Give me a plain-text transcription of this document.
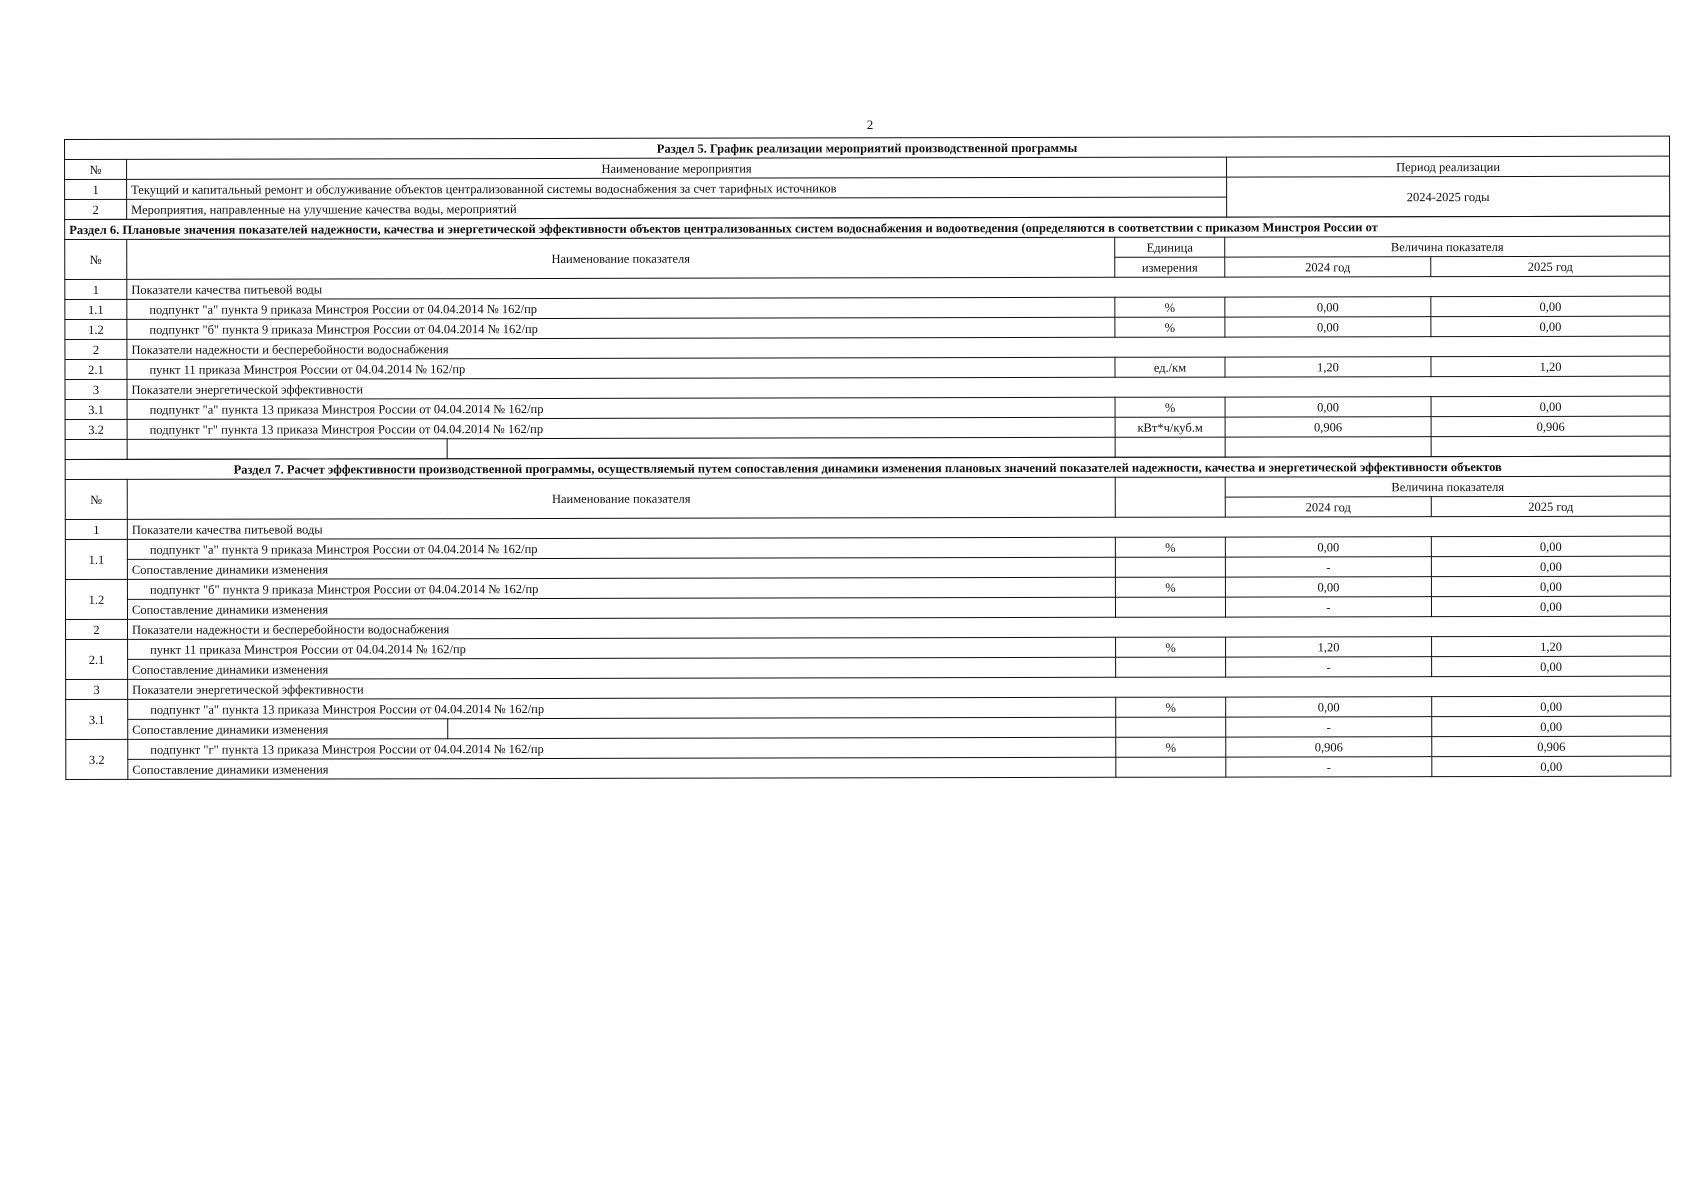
2
Раздел 5. График реализации мероприятий производственной программы		
№	Наименование мероприятия	Период реализации
1	Текущий и капитальный ремонт и обслуживание объектов централизованной системы водоснабжения за счет тарифных источников	2024-2025 годы
2	Мероприятия, направленные на улучшение качества воды, мероприятий	
Раздел 6. Плановые значения показателей надежности, качества и энергетической эффективности объектов централизованных систем водоснабжения и водоотведения (определяются в соответствии с приказом Минстроя России от					
№	Наименование показателя		Единица	Величина показателя	
			измерения	2024 год	2025 год
1	Показатели качества питьевой воды				
1.1	подпункт "а" пункта 9 приказа Минстроя России от 04.04.2014 № 162/пр		%	0,00	0,00
1.2	подпункт "б" пункта 9 приказа Минстроя России от 04.04.2014 № 162/пр		%	0,00	0,00
2	Показатели надежности и бесперебойности водоснабжения				
2.1	пункт 11 приказа Минстроя России от 04.04.2014 № 162/пр		ед./км	1,20	1,20
3	Показатели энергетической эффективности				
3.1	подпункт "а" пункта 13 приказа Минстроя России от 04.04.2014 № 162/пр		%	0,00	0,00
3.2	подпункт "г" пункта 13 приказа Минстроя России от 04.04.2014 № 162/пр		кВт*ч/куб.м	0,906	0,906

Раздел 7. Расчет эффективности производственной программы, осуществляемый путем сопоставления динамики изменения плановых значений показателей надежности, качества и энергетической эффективности объектов					
№	Наименование показателя			Величина показателя	
				2024 год	2025 год
1	Показатели качества питьевой воды				
1.1	подпункт "а" пункта 9 приказа Минстроя России от 04.04.2014 № 162/пр		%	0,00	0,00
	Сопоставление динамики изменения			-	0,00
1.2	подпункт "б" пункта 9 приказа Минстроя России от 04.04.2014 № 162/пр		%	0,00	0,00
	Сопоставление динамики изменения			-	0,00
2	Показатели надежности и бесперебойности водоснабжения				
2.1	пункт 11 приказа Минстроя России от 04.04.2014 № 162/пр		%	1,20	1,20
	Сопоставление динамики изменения			-	0,00
3	Показатели энергетической эффективности				
3.1	подпункт "а" пункта 13 приказа Минстроя России от 04.04.2014 № 162/пр		%	0,00	0,00
	Сопоставление динамики изменения			-	0,00
3.2	подпункт "г" пункта 13 приказа Минстроя России от 04.04.2014 № 162/пр		%	0,906	0,906
	Сопоставление динамики изменения			-	0,00
